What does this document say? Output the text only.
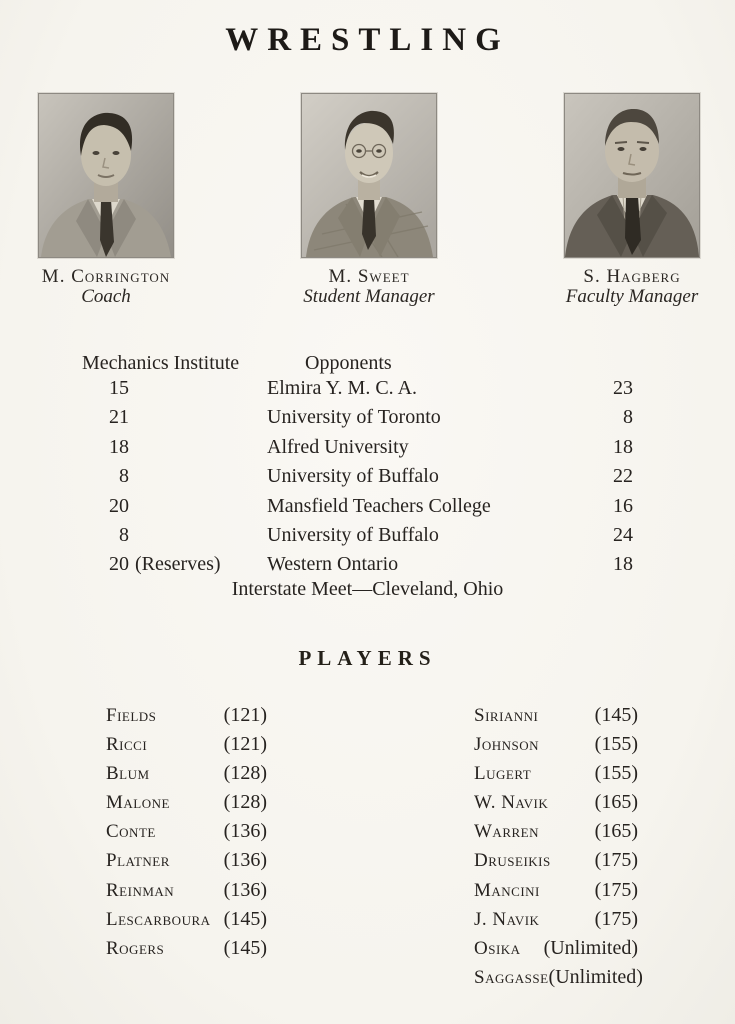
WRESTLING
M. Corrington
Coach
M. Sweet
Student Manager
S. Hagberg
Faculty Manager
Mechanics Institute	Opponents
15	Elmira Y. M. C. A.	23
21	University of Toronto	8
18	Alfred University	18
8	University of Buffalo	22
20	Mansfield Teachers College	16
8	University of Buffalo	24
20 (Reserves)	Western Ontario	18
Interstate Meet—Cleveland, Ohio
PLAYERS
Fields	(121)
Ricci	(121)
Blum	(128)
Malone	(128)
Conte	(136)
Platner	(136)
Reinman (136)
Lescarboura (145)
Rogers	(145)
Sirianni	(145)
Johnson	(155)
Lugert	(155)
W. Navik (165)
Warren	(165)
Druseikis (175)
Mancini	(175)
J. Navik	(175)
Osika (Unlimited)
Saggasse (Unlimited)
